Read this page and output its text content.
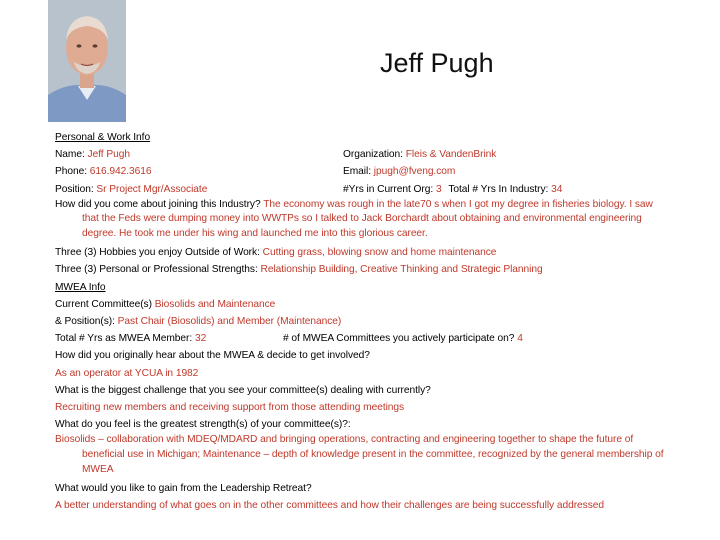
Jeff Pugh
Personal & Work Info
Name: Jeff Pugh	Organization: Fleis & VandenBrink
Phone: 616.942.3616	Email: jpugh@fveng.com
Position: Sr Project Mgr/Associate	#Yrs in Current Org: 3 Total # Yrs In Industry: 34

How did you come about joining this Industry? The economy was rough in the late70 s when I got my degree in fisheries biology. I saw that the Feds were dumping money into WWTPs so I talked to Jack Borchardt about obtaining and environmental engineering degree. He took me under his wing and launched me into this glorious career.

Three (3) Hobbies you enjoy Outside of Work: Cutting grass, blowing snow and home maintenance
Three (3) Personal or Professional Strengths: Relationship Building, Creative Thinking and Strategic Planning
MWEA Info
Current Committee(s) Biosolids and Maintenance
& Position(s): Past Chair (Biosolids) and Member (Maintenance)
Total # Yrs as MWEA Member: 32	# of MWEA Committees you actively participate on? 4
How did you originally hear about the MWEA & decide to get involved?
As an operator at YCUA in 1982
What is the biggest challenge that you see your committee(s) dealing with currently?
Recruiting new members and receiving support from those attending meetings
What do you feel is the greatest strength(s) of your committee(s)?:

Biosolids – collaboration with MDEQ/MDARD and bringing operations, contracting and engineering together to shape the future of beneficial use in Michigan; Maintenance – depth of knowledge present in the committee, recognized by the general membership of MWEA

What would you like to gain from the Leadership Retreat?
A better understanding of what goes on in the other committees and how their challenges are being successfully addressed
